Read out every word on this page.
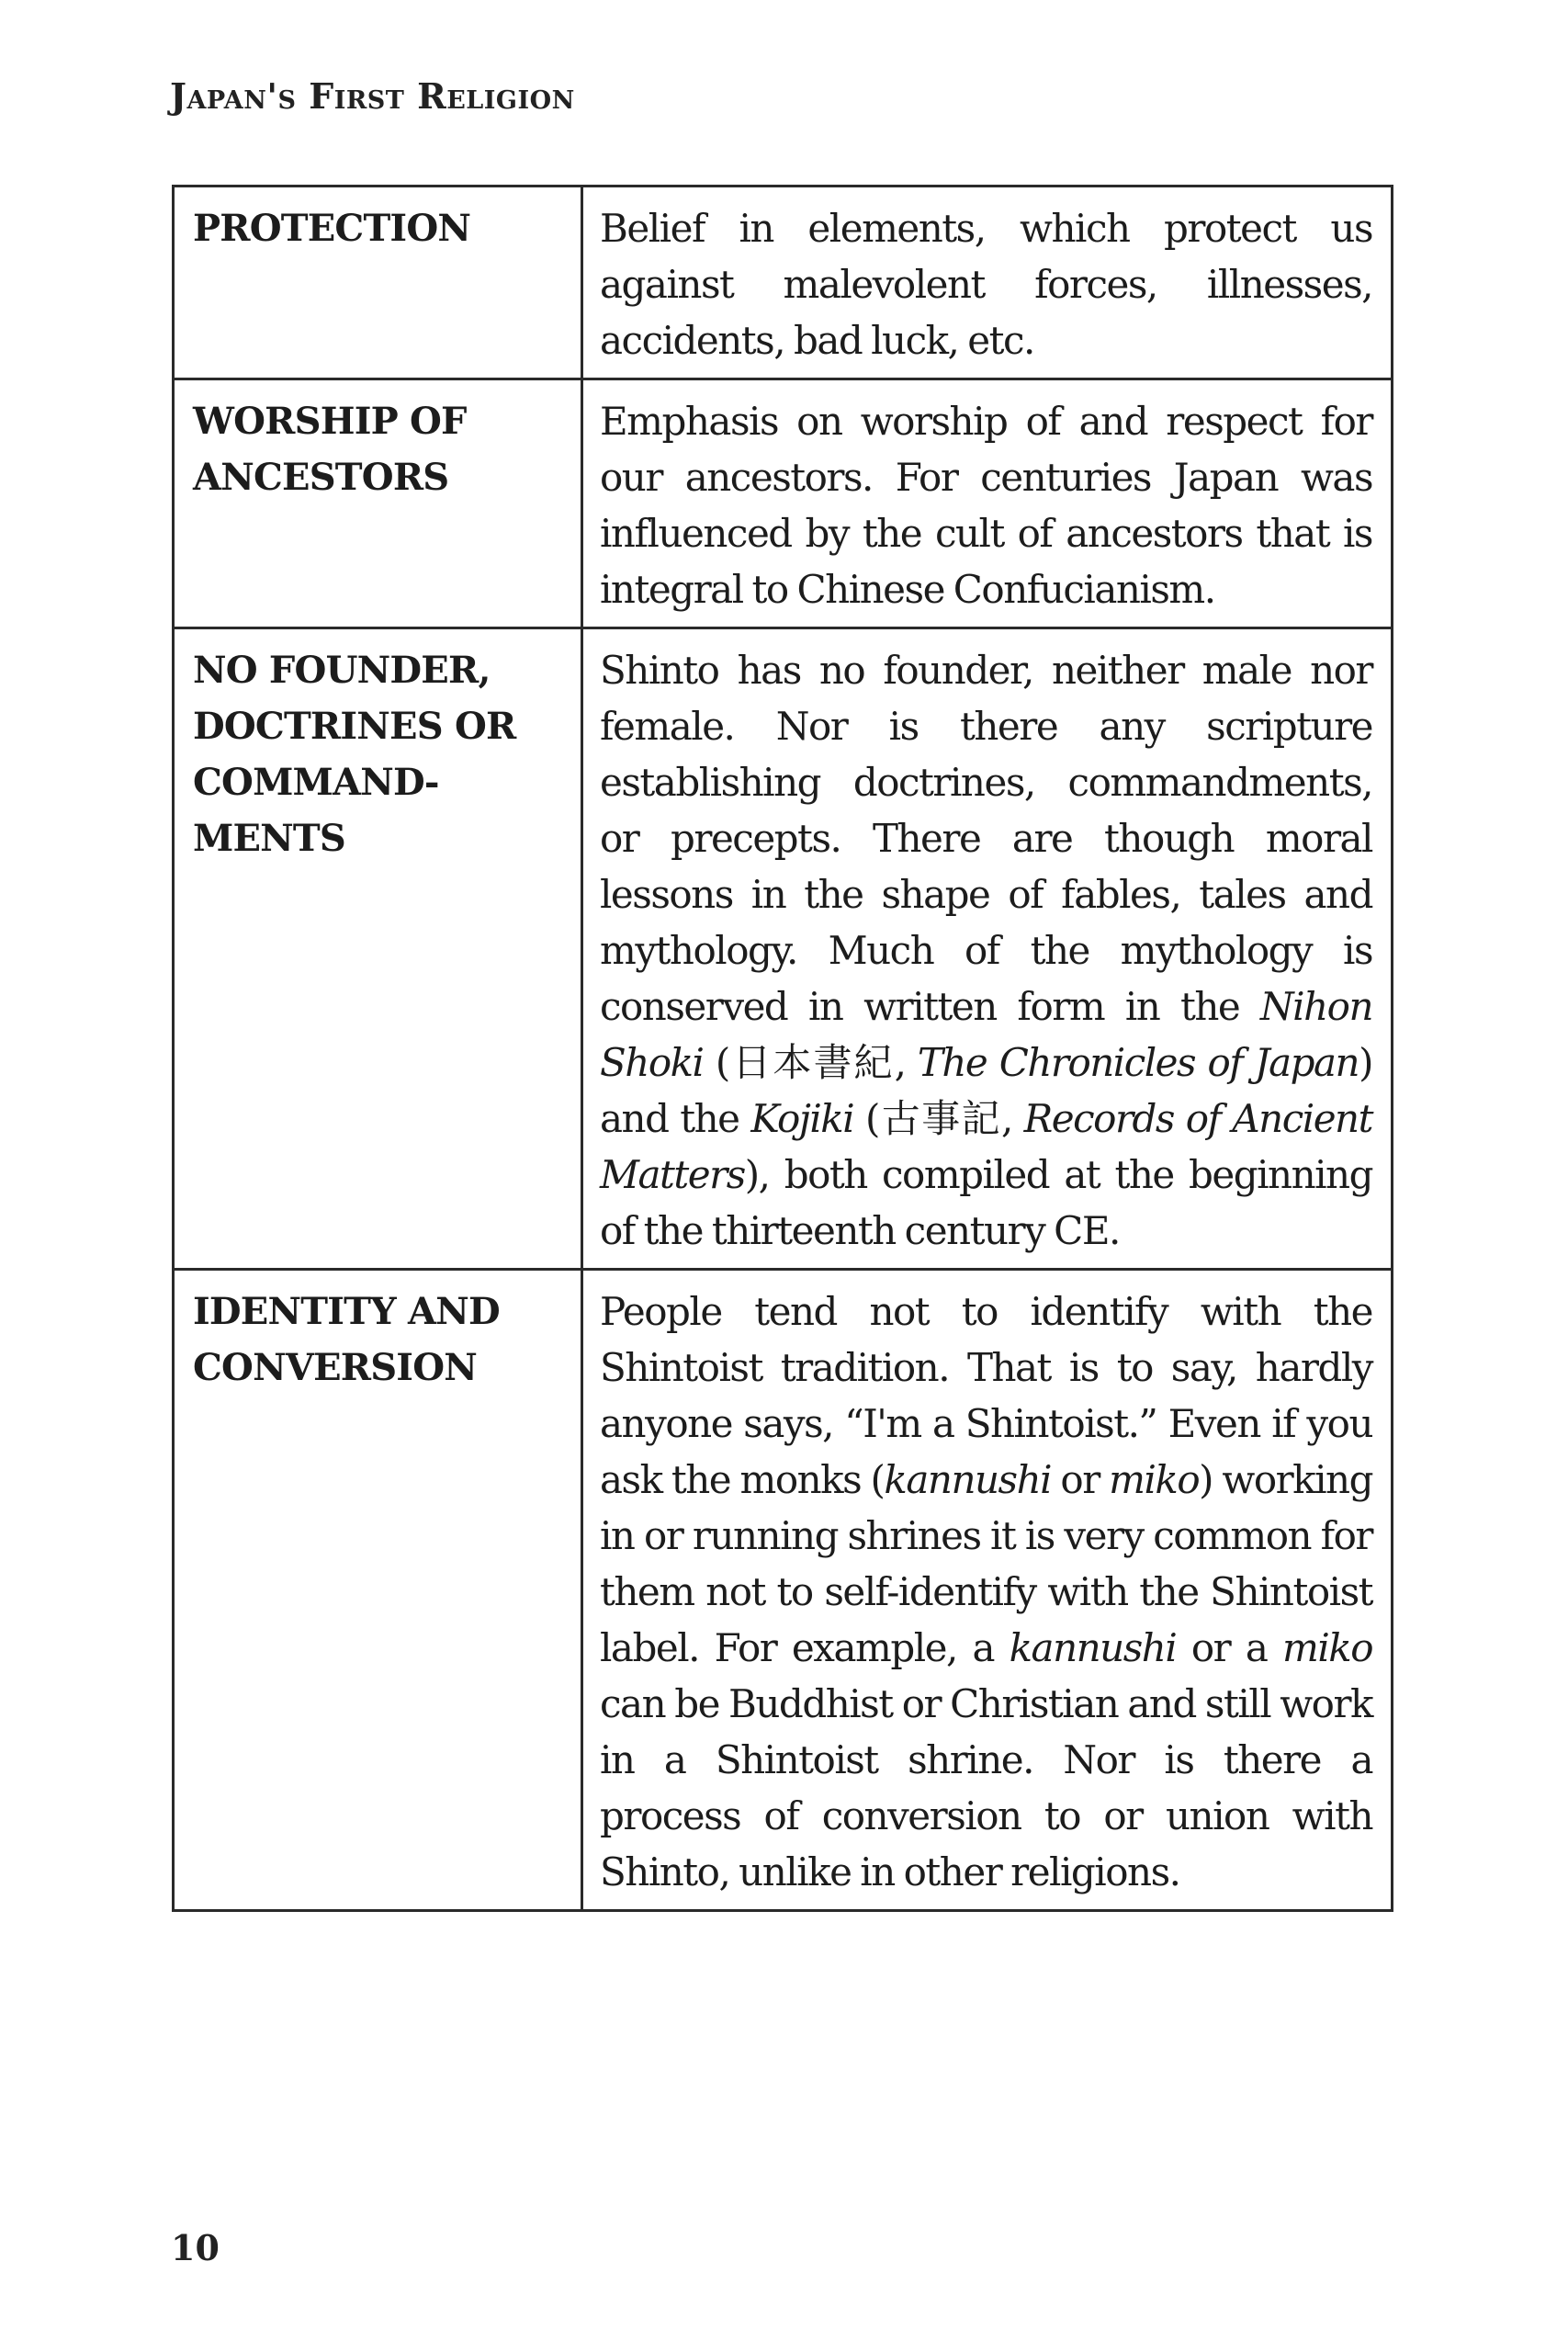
Japan's First Religion
PROTECTION	Belief in elements, which protect us against malevolent forces, illnesses, accidents, bad luck, etc.
WORSHIP OF ANCESTORS	Emphasis on worship of and respect for our ancestors. For centuries Japan was influenced by the cult of ancestors that is integral to Chinese Confucianism.
NO FOUNDER, DOCTRINES OR COMMANDMENTS	Shinto has no founder, neither male nor female. Nor is there any scripture establishing doctrines, commandments, or precepts. There are though moral lessons in the shape of fables, tales and mythology. Much of the mythology is conserved in written form in the Nihon Shoki (日本書紀, The Chronicles of Japan) and the Kojiki (古事記, Records of Ancient Matters), both compiled at the beginning of the thirteenth century CE.
IDENTITY AND CONVERSION	People tend not to identify with the Shintoist tradition. That is to say, hardly anyone says, “I'm a Shintoist.” Even if you ask the monks (kannushi or miko) working in or running shrines it is very common for them not to self-identify with the Shintoist label. For example, a kannushi or a miko can be Buddhist or Christian and still work in a Shintoist shrine. Nor is there a process of conversion to or union with Shinto, unlike in other religions.
10
